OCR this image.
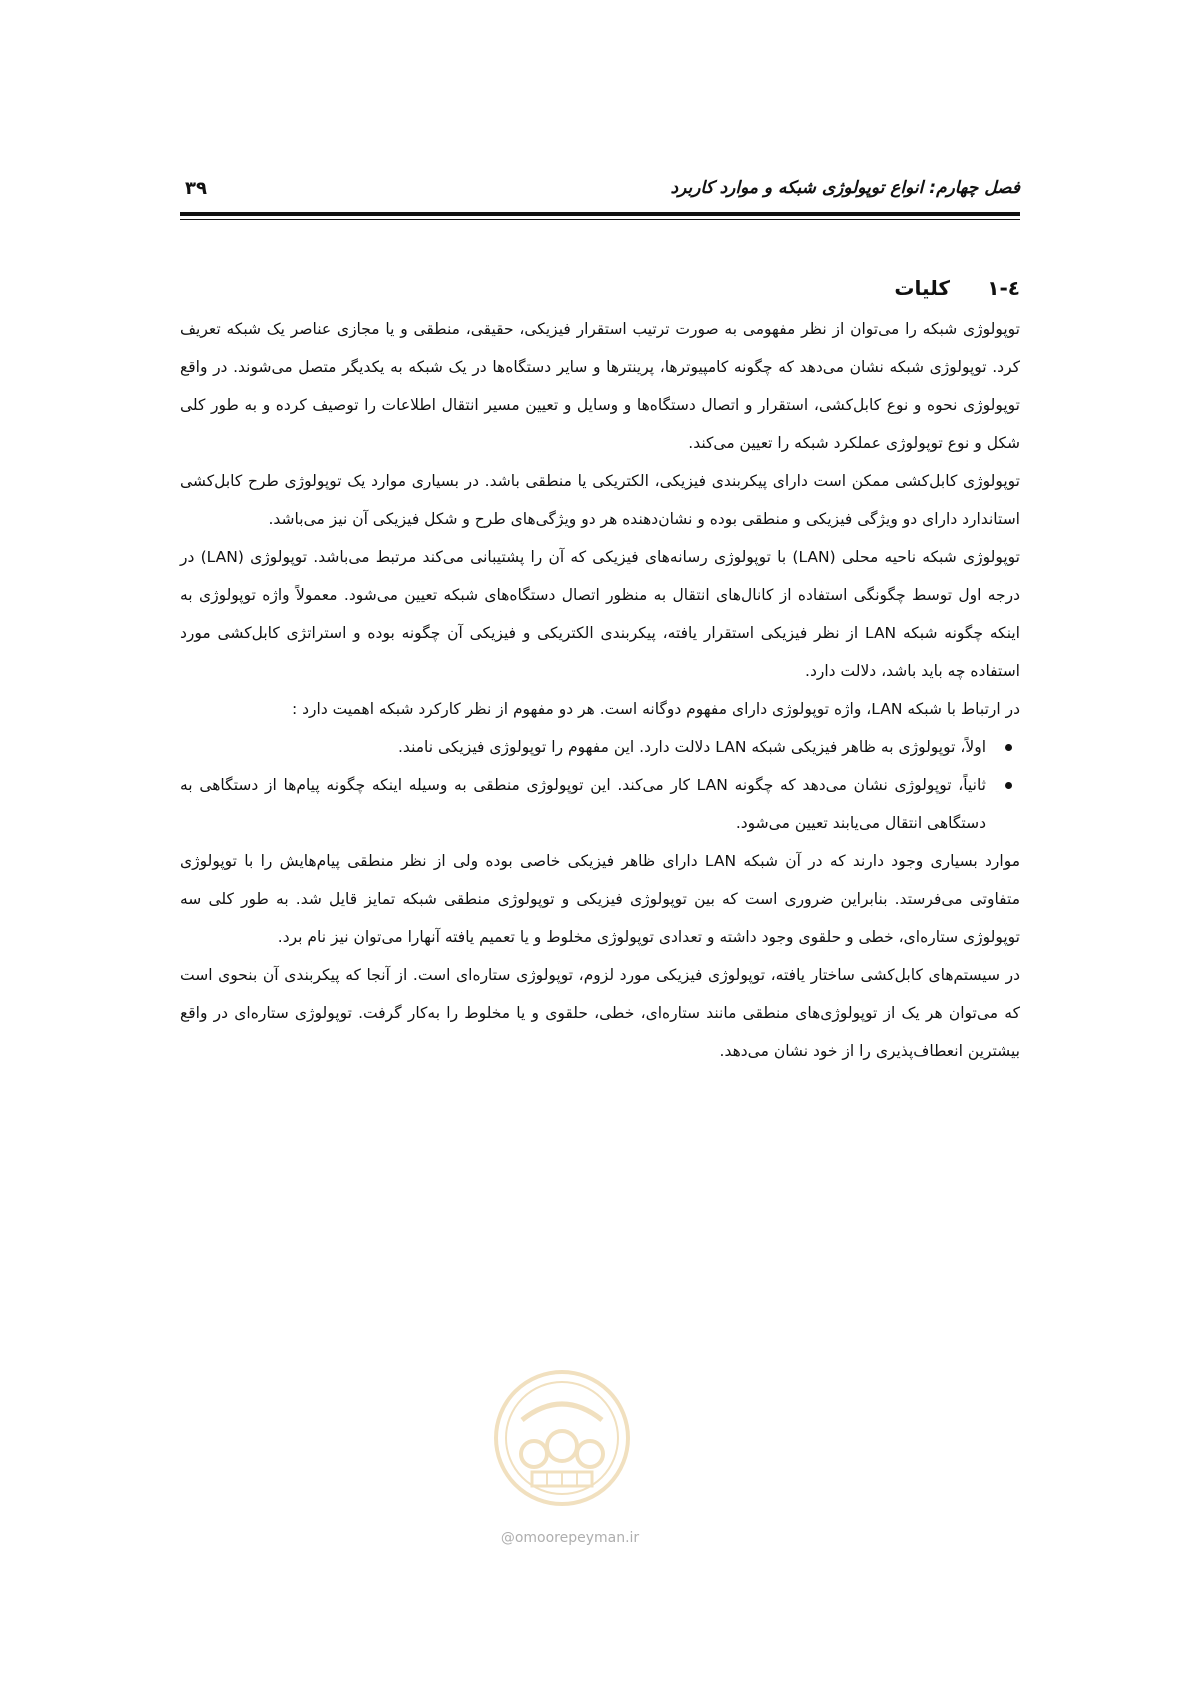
فصل چهارم: انواع توپولوژی شبکه و موارد کاربرد
۳۹
٤-١
کلیات

توپولوژی شبکه را می‌توان از نظر مفهومی به صورت ترتیب استقرار فیزیکی، حقیقی، منطقی و یا مجازی عناصر یک شبکه تعریف کرد. توپولوژی شبکه نشان می‌دهد که چگونه کامپیوترها، پرینترها و سایر دستگاه‌ها در یک شبکه به یکدیگر متصل می‌شوند. در واقع توپولوژی نحوه و نوع کابل‌کشی، استقرار و اتصال دستگاه‌ها و وسایل و تعیین مسیر انتقال اطلاعات را توصیف کرده و به طور کلی شکل و نوع توپولوژی عملکرد شبکه را تعیین می‌کند.

توپولوژی کابل‌کشی ممکن است دارای پیکربندی فیزیکی، الکتریکی یا منطقی باشد. در بسیاری موارد یک توپولوژی طرح کابل‌کشی استاندارد دارای دو ویژگی فیزیکی و منطقی بوده و نشان‌دهنده هر دو ویژگی‌های طرح و شکل فیزیکی آن نیز می‌باشد.

توپولوژی شبکه ناحیه محلی (LAN) با توپولوژی رسانه‌های فیزیکی که آن را پشتیبانی می‌کند مرتبط می‌باشد. توپولوژی (LAN) در درجه اول توسط چگونگی استفاده از کانال‌های انتقال به منظور اتصال دستگاه‌های شبکه تعیین می‌شود. معمولاً واژه توپولوژی به اینکه چگونه شبکه LAN از نظر فیزیکی استقرار یافته، پیکربندی الکتریکی و فیزیکی آن چگونه بوده و استراتژی کابل‌کشی مورد استفاده چه باید باشد، دلالت دارد.

در ارتباط با شبکه LAN، واژه توپولوژی دارای مفهوم دوگانه است. هر دو مفهوم از نظر کارکرد شبکه اهمیت دارد :

اولاً، توپولوژی به ظاهر فیزیکی شبکه LAN دلالت دارد. این مفهوم را توپولوژی فیزیکی نامند.
ثانیاً، توپولوژی نشان می‌دهد که چگونه LAN کار می‌کند. این توپولوژی منطقی به وسیله اینکه چگونه پیام‌ها از دستگاهی به دستگاهی انتقال می‌یابند تعیین می‌شود.

موارد بسیاری وجود دارند که در آن شبکه LAN دارای ظاهر فیزیکی خاصی بوده ولی از نظر منطقی پیام‌هایش را با توپولوژی متفاوتی می‌فرستد. بنابراین ضروری است که بین توپولوژی فیزیکی و توپولوژی منطقی شبکه تمایز قایل شد. به طور کلی سه توپولوژی ستاره‌ای، خطی و حلقوی وجود داشته و تعدادی توپولوژی مخلوط و یا تعمیم یافته آنهارا می‌توان نیز نام برد.

در سیستم‌های کابل‌کشی ساختار یافته، توپولوژی فیزیکی مورد لزوم، توپولوژی ستاره‌ای است. از آنجا که پیکربندی آن بنحوی است که می‌توان هر یک از توپولوژی‌های منطقی مانند ستاره‌ای، خطی، حلقوی و یا مخلوط را به‌کار گرفت. توپولوژی ستاره‌ای در واقع بیشترین انعطاف‌پذیری را از خود نشان می‌دهد.

@omoorepeyman.ir
